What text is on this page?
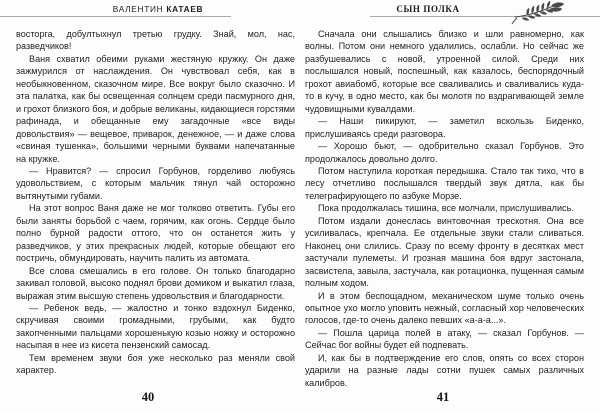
ВАЛЕНТИН КАТАЕВ	СЫН ПОЛКА

восторга, добултыхнул третью грудку. Знай, мол, нас, разведчиков!

Ваня схватил обеими руками жестяную кружку. Он даже зажмурился от наслаждения. Он чувствовал себя, как в необыкновенном, сказочном мире. Все вокруг было сказочно. И эта палатка, как бы освещенная солнцем среди пасмурного дня, и грохот близкого боя, и добрые великаны, кидающиеся горстями рафинада, и обещанные ему загадочные «все виды довольствия» — вещевое, приварок, денежное, — и даже слова «свиная тушенка», большими черными буквами напечатанные на кружке.

— Нравится? — спросил Горбунов, горделиво любуясь удовольствием, с которым мальчик тянул чай осторожно вытянутыми губами.

На этот вопрос Ваня даже не мог толково ответить. Губы его были заняты борьбой с чаем, горячим, как огонь. Сердце было полно бурной радости оттого, что он останется жить у разведчиков, у этих прекрасных людей, которые обещают его постричь, обмундировать, научить палить из автомата.

Все слова смешались в его голове. Он только благодарно закивал головой, высоко поднял брови домиком и выкатил глаза, выражая этим высшую степень удовольствия и благодарности.

— Ребенок ведь, — жалостно и тонко вздохнул Биденко, скручивая своими громадными, грубыми, как будто закопченными пальцами хорошенькую козью ножку и осторожно насыпая в нее из кисета пензенский самосад.

Тем временем звуки боя уже несколько раз меняли свой характер.

Сначала они слышались близко и шли равномерно, как волны. Потом они немного удалились, ослабли. Но сейчас же разбушевались с новой, утроенной силой. Среди них послышался новый, поспешный, как казалось, беспорядочный грохот авиабомб, которые все сваливались и сваливались куда-то в кучу, в одно место, как бы молотя по вздрагивающей земле чудовищными кувалдами.

— Наши пикируют, — заметил вскользь Биденко, прислушиваясь среди разговора.

— Хорошо бьют, — одобрительно сказал Горбунов. Это продолжалось довольно долго.

Потом наступила короткая передышка. Стало так тихо, что в лесу отчетливо послышался твердый звук дятла, как бы телеграфирующего по азбуке Морзе.

Пока продолжалась тишина, все молчали, прислушивались.

Потом издали донеслась винтовочная трескотня. Она все усиливалась, крепчала. Ее отдельные звуки стали сливаться. Наконец они слились. Сразу по всему фронту в десятках мест застучали пулеметы. И грозная машина боя вдруг застонала, засвистела, завыла, застучала, как ротационка, пущенная самым полным ходом.

И в этом беспощадном, механическом шуме только очень опытное ухо могло уповить нежный, согласный хор человеческих голосов, где-то очень далеко певших «а-а-а...».

— Пошла царица полей в атаку, — сказал Горбунов. — Сейчас бог войны будет ей подпевать.

И, как бы в подтверждение его слов, опять со всех сторон ударили на разные лады сотни пушек самых различных калибров.

40	41
